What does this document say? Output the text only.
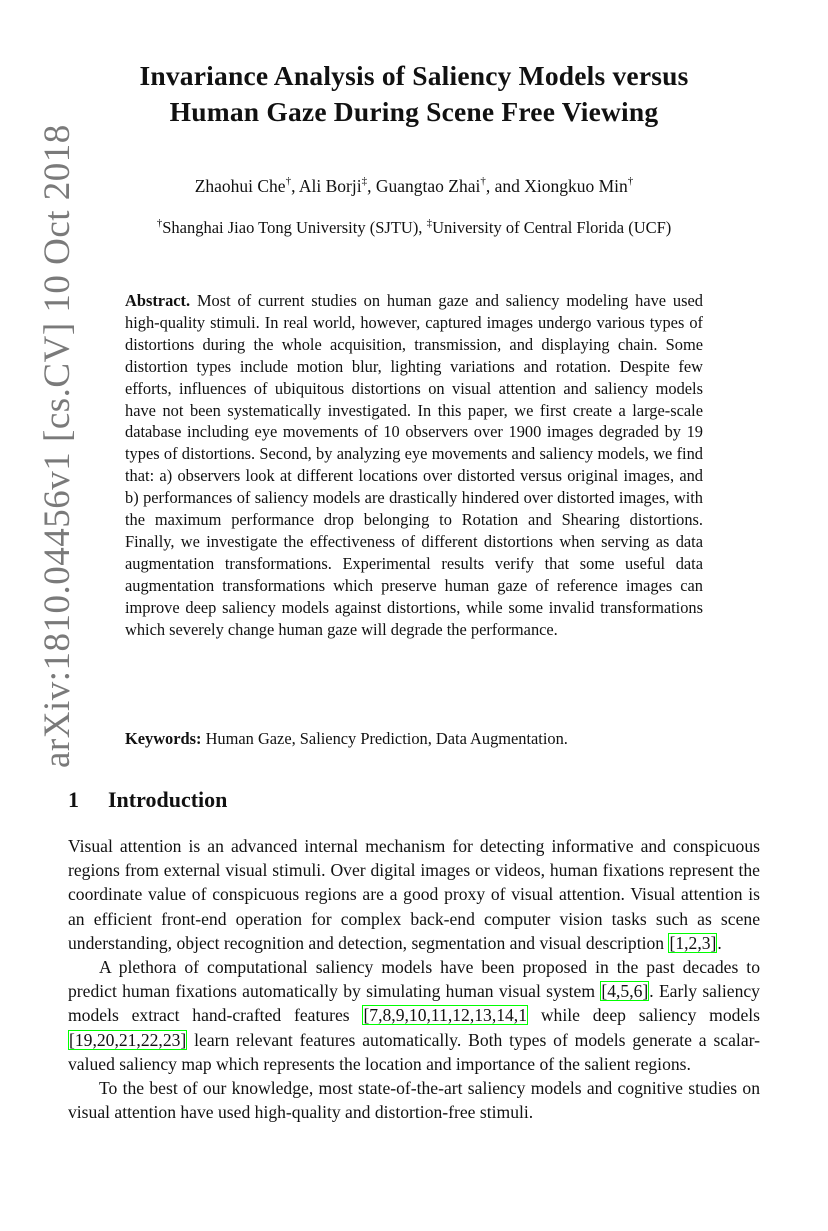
arXiv:1810.04456v1 [cs.CV] 10 Oct 2018
Invariance Analysis of Saliency Models versus
Human Gaze During Scene Free Viewing
Zhaohui Che†, Ali Borji‡, Guangtao Zhai†, and Xiongkuo Min†
†Shanghai Jiao Tong University (SJTU), ‡University of Central Florida (UCF)
Abstract. Most of current studies on human gaze and saliency modeling have used high-quality stimuli. In real world, however, captured images undergo various types of distortions during the whole acquisition, transmission, and displaying chain. Some distortion types include motion blur, lighting variations and rotation. Despite few efforts, influences of ubiquitous distortions on visual attention and saliency models have not been systematically investigated. In this paper, we first create a large-scale database including eye movements of 10 observers over 1900 images degraded by 19 types of distortions. Second, by analyzing eye movements and saliency models, we find that: a) observers look at different locations over distorted versus original images, and b) performances of saliency models are drastically hindered over distorted images, with the maximum performance drop belonging to Rotation and Shearing distortions. Finally, we investigate the effectiveness of different distortions when serving as data augmentation transformations. Experimental results verify that some useful data augmentation transformations which preserve human gaze of reference images can improve deep saliency models against distortions, while some invalid transformations which severely change human gaze will degrade the performance.
Keywords: Human Gaze, Saliency Prediction, Data Augmentation.
1 Introduction

Visual attention is an advanced internal mechanism for detecting informative and conspicuous regions from external visual stimuli. Over digital images or videos, human fixations represent the coordinate value of conspicuous regions are a good proxy of visual attention. Visual attention is an efficient front-end operation for complex back-end computer vision tasks such as scene understanding, object recognition and detection, segmentation and visual description [1,2,3].

A plethora of computational saliency models have been proposed in the past decades to predict human fixations automatically by simulating human visual system [4,5,6]. Early saliency models extract hand-crafted features [7,8,9,10,11,12,13,14,1 while deep saliency models [19,20,21,22,23] learn relevant features automatically. Both types of models generate a scalar-valued saliency map which represents the location and importance of the salient regions.

To the best of our knowledge, most state-of-the-art saliency models and cognitive studies on visual attention have used high-quality and distortion-free stimuli.
